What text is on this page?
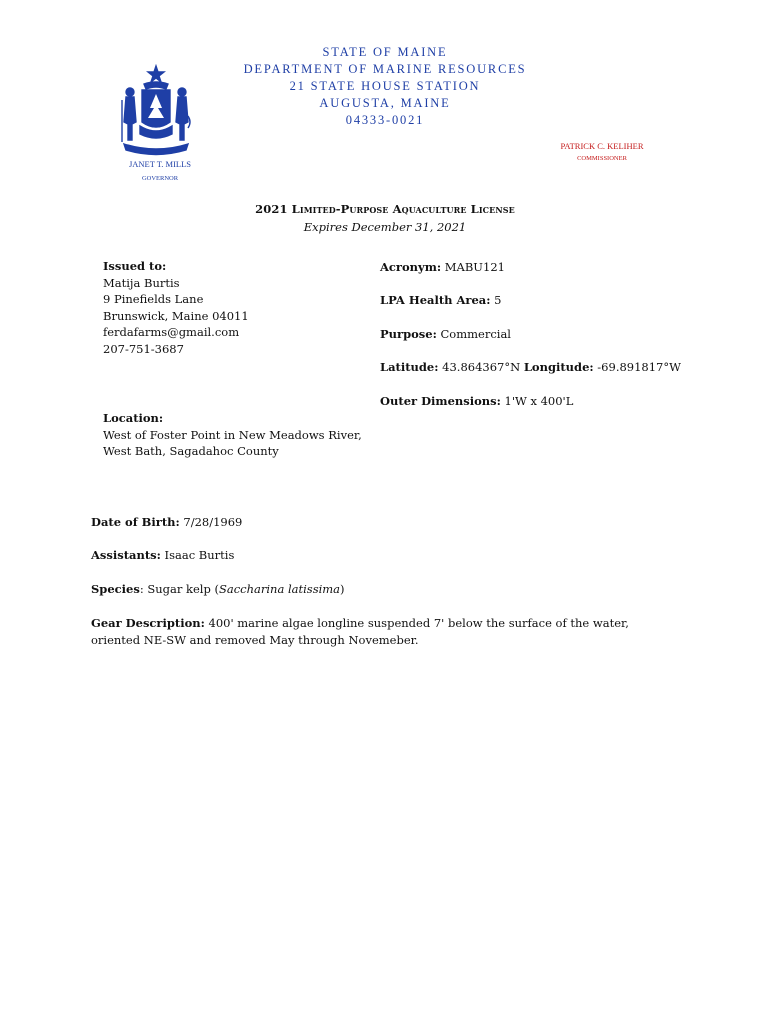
STATE OF MAINE
DEPARTMENT OF MARINE RESOURCES
21 STATE HOUSE STATION
AUGUSTA, MAINE
04333-0021
JANET T. MILLS
GOVERNOR
PATRICK C. KELIHER
COMMISSIONER
2021 Limited-Purpose Aquaculture License
Expires December 31, 2021
Issued to:
Matija Burtis
9 Pinefields Lane
Brunswick, Maine 04011
ferdafarms@gmail.com
207-751-3687
Acronym: MABU121
LPA Health Area: 5
Purpose: Commercial
Latitude: 43.864367°N Longitude: -69.891817°W
Outer Dimensions: 1'W x 400'L
Location:
West of Foster Point in New Meadows River,
West Bath, Sagadahoc County
Date of Birth: 7/28/1969
Assistants: Isaac Burtis
Species: Sugar kelp (Saccharina latissima)
Gear Description: 400' marine algae longline suspended 7' below the surface of the water, oriented NE-SW and removed May through Novemeber.
